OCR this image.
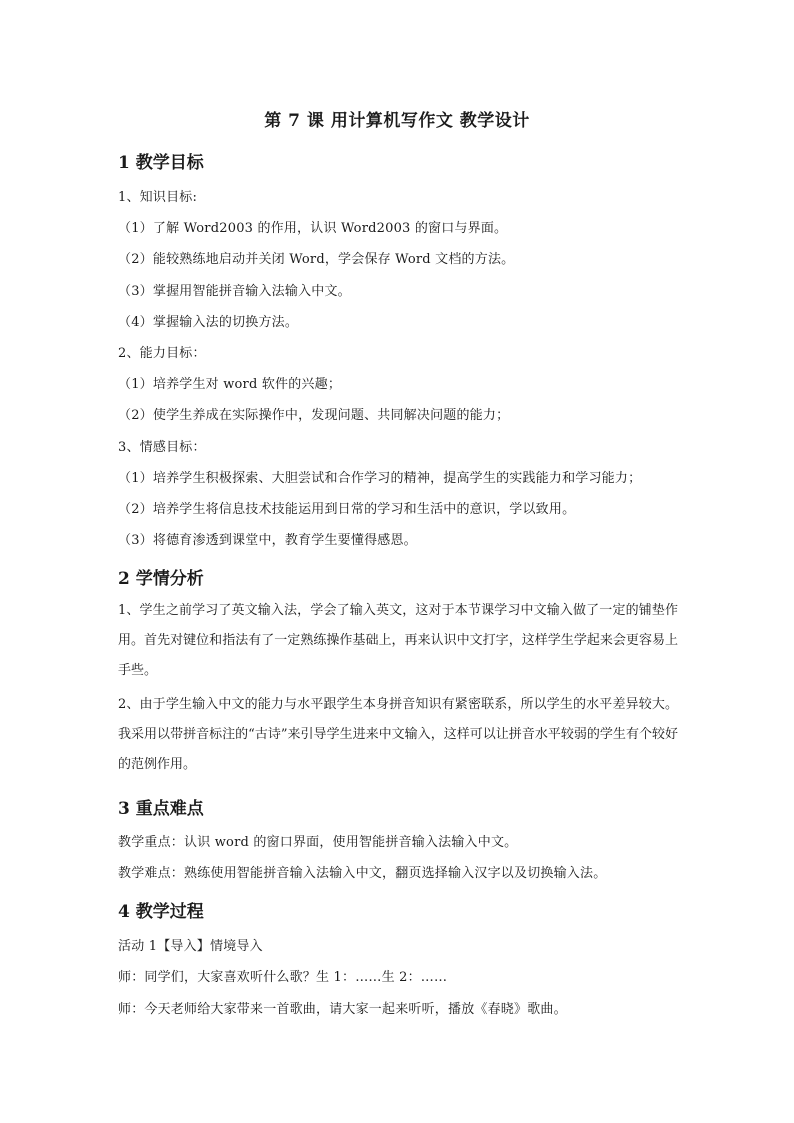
第 7 课 用计算机写作文 教学设计
1 教学目标
1、知识目标:
（1）了解 Word2003 的作用，认识 Word2003 的窗口与界面。
（2）能较熟练地启动并关闭 Word，学会保存 Word 文档的方法。
（3）掌握用智能拼音输入法输入中文。
（4）掌握输入法的切换方法。
2、能力目标：
（1）培养学生对 word 软件的兴趣；
（2）使学生养成在实际操作中，发现问题、共同解决问题的能力；
3、情感目标：
（1）培养学生积极探索、大胆尝试和合作学习的精神，提高学生的实践能力和学习能力；
（2）培养学生将信息技术技能运用到日常的学习和生活中的意识，学以致用。
（3）将德育渗透到课堂中，教育学生要懂得感恩。
2 学情分析
1、学生之前学习了英文输入法，学会了输入英文，这对于本节课学习中文输入做了一定的铺垫作用。首先对键位和指法有了一定熟练操作基础上，再来认识中文打字，这样学生学起来会更容易上手些。
2、由于学生输入中文的能力与水平跟学生本身拼音知识有紧密联系，所以学生的水平差异较大。我采用以带拼音标注的“古诗”来引导学生进来中文输入，这样可以让拼音水平较弱的学生有个较好的范例作用。
3 重点难点
教学重点：认识 word 的窗口界面，使用智能拼音输入法输入中文。
教学难点：熟练使用智能拼音输入法输入中文，翻页选择输入汉字以及切换输入法。
4 教学过程
活动 1【导入】情境导入
师：同学们，大家喜欢听什么歌？生 1：……生 2：……
师：今天老师给大家带来一首歌曲，请大家一起来听听，播放《春晓》歌曲。
